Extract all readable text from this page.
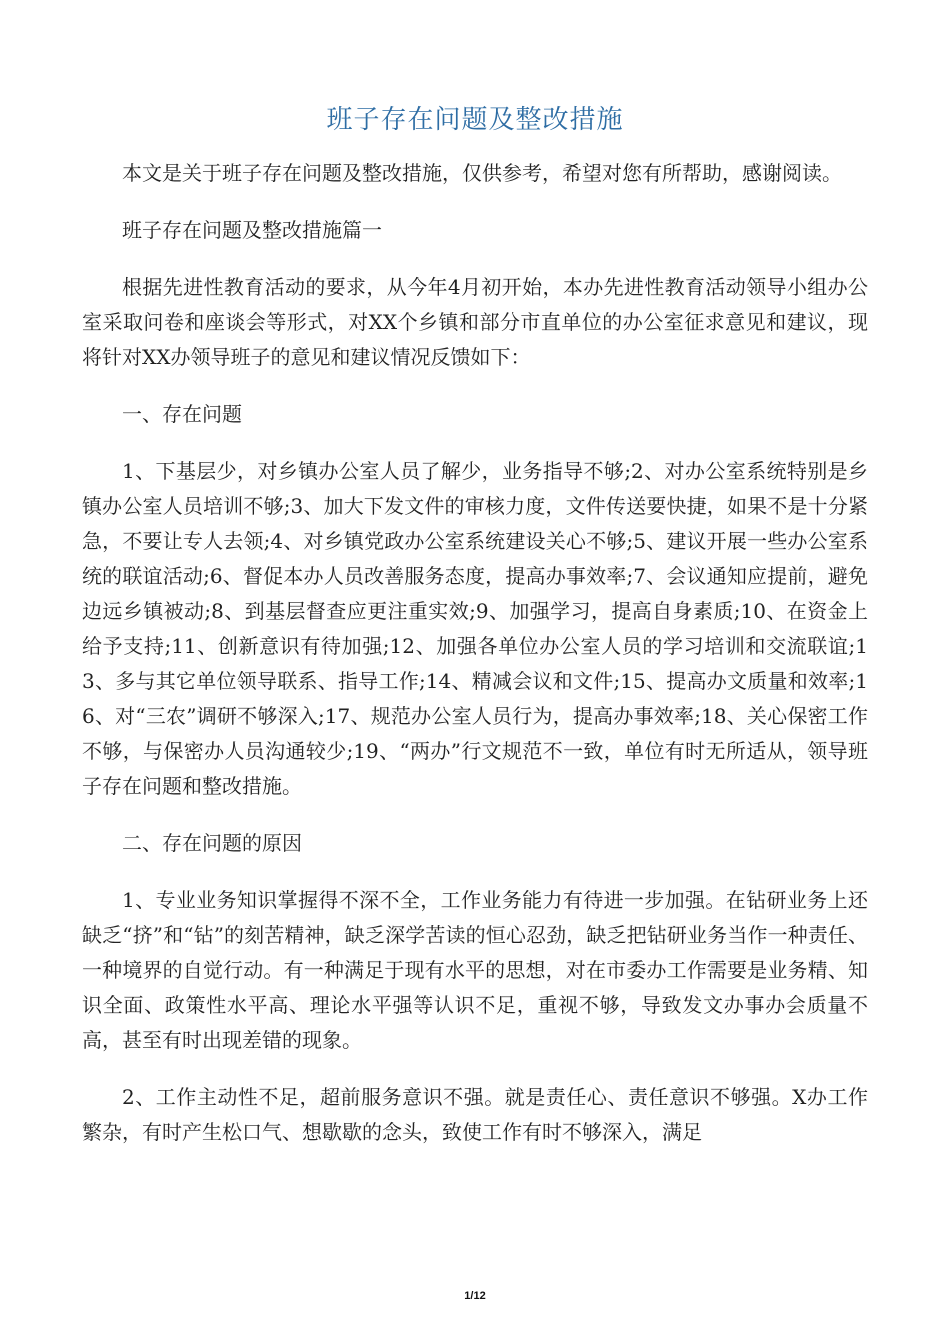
班子存在问题及整改措施

本文是关于班子存在问题及整改措施，仅供参考，希望对您有所帮助，感谢阅读。

班子存在问题及整改措施篇一

根据先进性教育活动的要求，从今年4月初开始，本办先进性教育活动领导小组办公室采取问卷和座谈会等形式，对XX个乡镇和部分市直单位的办公室征求意见和建议，现将针对XX办领导班子的意见和建议情况反馈如下：

一、存在问题

1、下基层少，对乡镇办公室人员了解少，业务指导不够;2、对办公室系统特别是乡镇办公室人员培训不够;3、加大下发文件的审核力度，文件传送要快捷，如果不是十分紧急，不要让专人去领;4、对乡镇党政办公室系统建设关心不够;5、建议开展一些办公室系统的联谊活动;6、督促本办人员改善服务态度，提高办事效率;7、会议通知应提前，避免边远乡镇被动;8、到基层督查应更注重实效;9、加强学习，提高自身素质;10、在资金上给予支持;11、创新意识有待加强;12、加强各单位办公室人员的学习培训和交流联谊;13、多与其它单位领导联系、指导工作;14、精减会议和文件;15、提高办文质量和效率;16、对“三农”调研不够深入;17、规范办公室人员行为，提高办事效率;18、关心保密工作不够，与保密办人员沟通较少;19、“两办”行文规范不一致，单位有时无所适从，领导班子存在问题和整改措施。

二、存在问题的原因

1、专业业务知识掌握得不深不全，工作业务能力有待进一步加强。在钻研业务上还缺乏“挤”和“钻”的刻苦精神，缺乏深学苦读的恒心忍劲，缺乏把钻研业务当作一种责任、一种境界的自觉行动。有一种满足于现有水平的思想，对在市委办工作需要是业务精、知识全面、政策性水平高、理论水平强等认识不足，重视不够，导致发文办事办会质量不高，甚至有时出现差错的现象。

2、工作主动性不足，超前服务意识不强。就是责任心、责任意识不够强。X办工作繁杂，有时产生松口气、想歇歇的念头，致使工作有时不够深入，满足

1/12
